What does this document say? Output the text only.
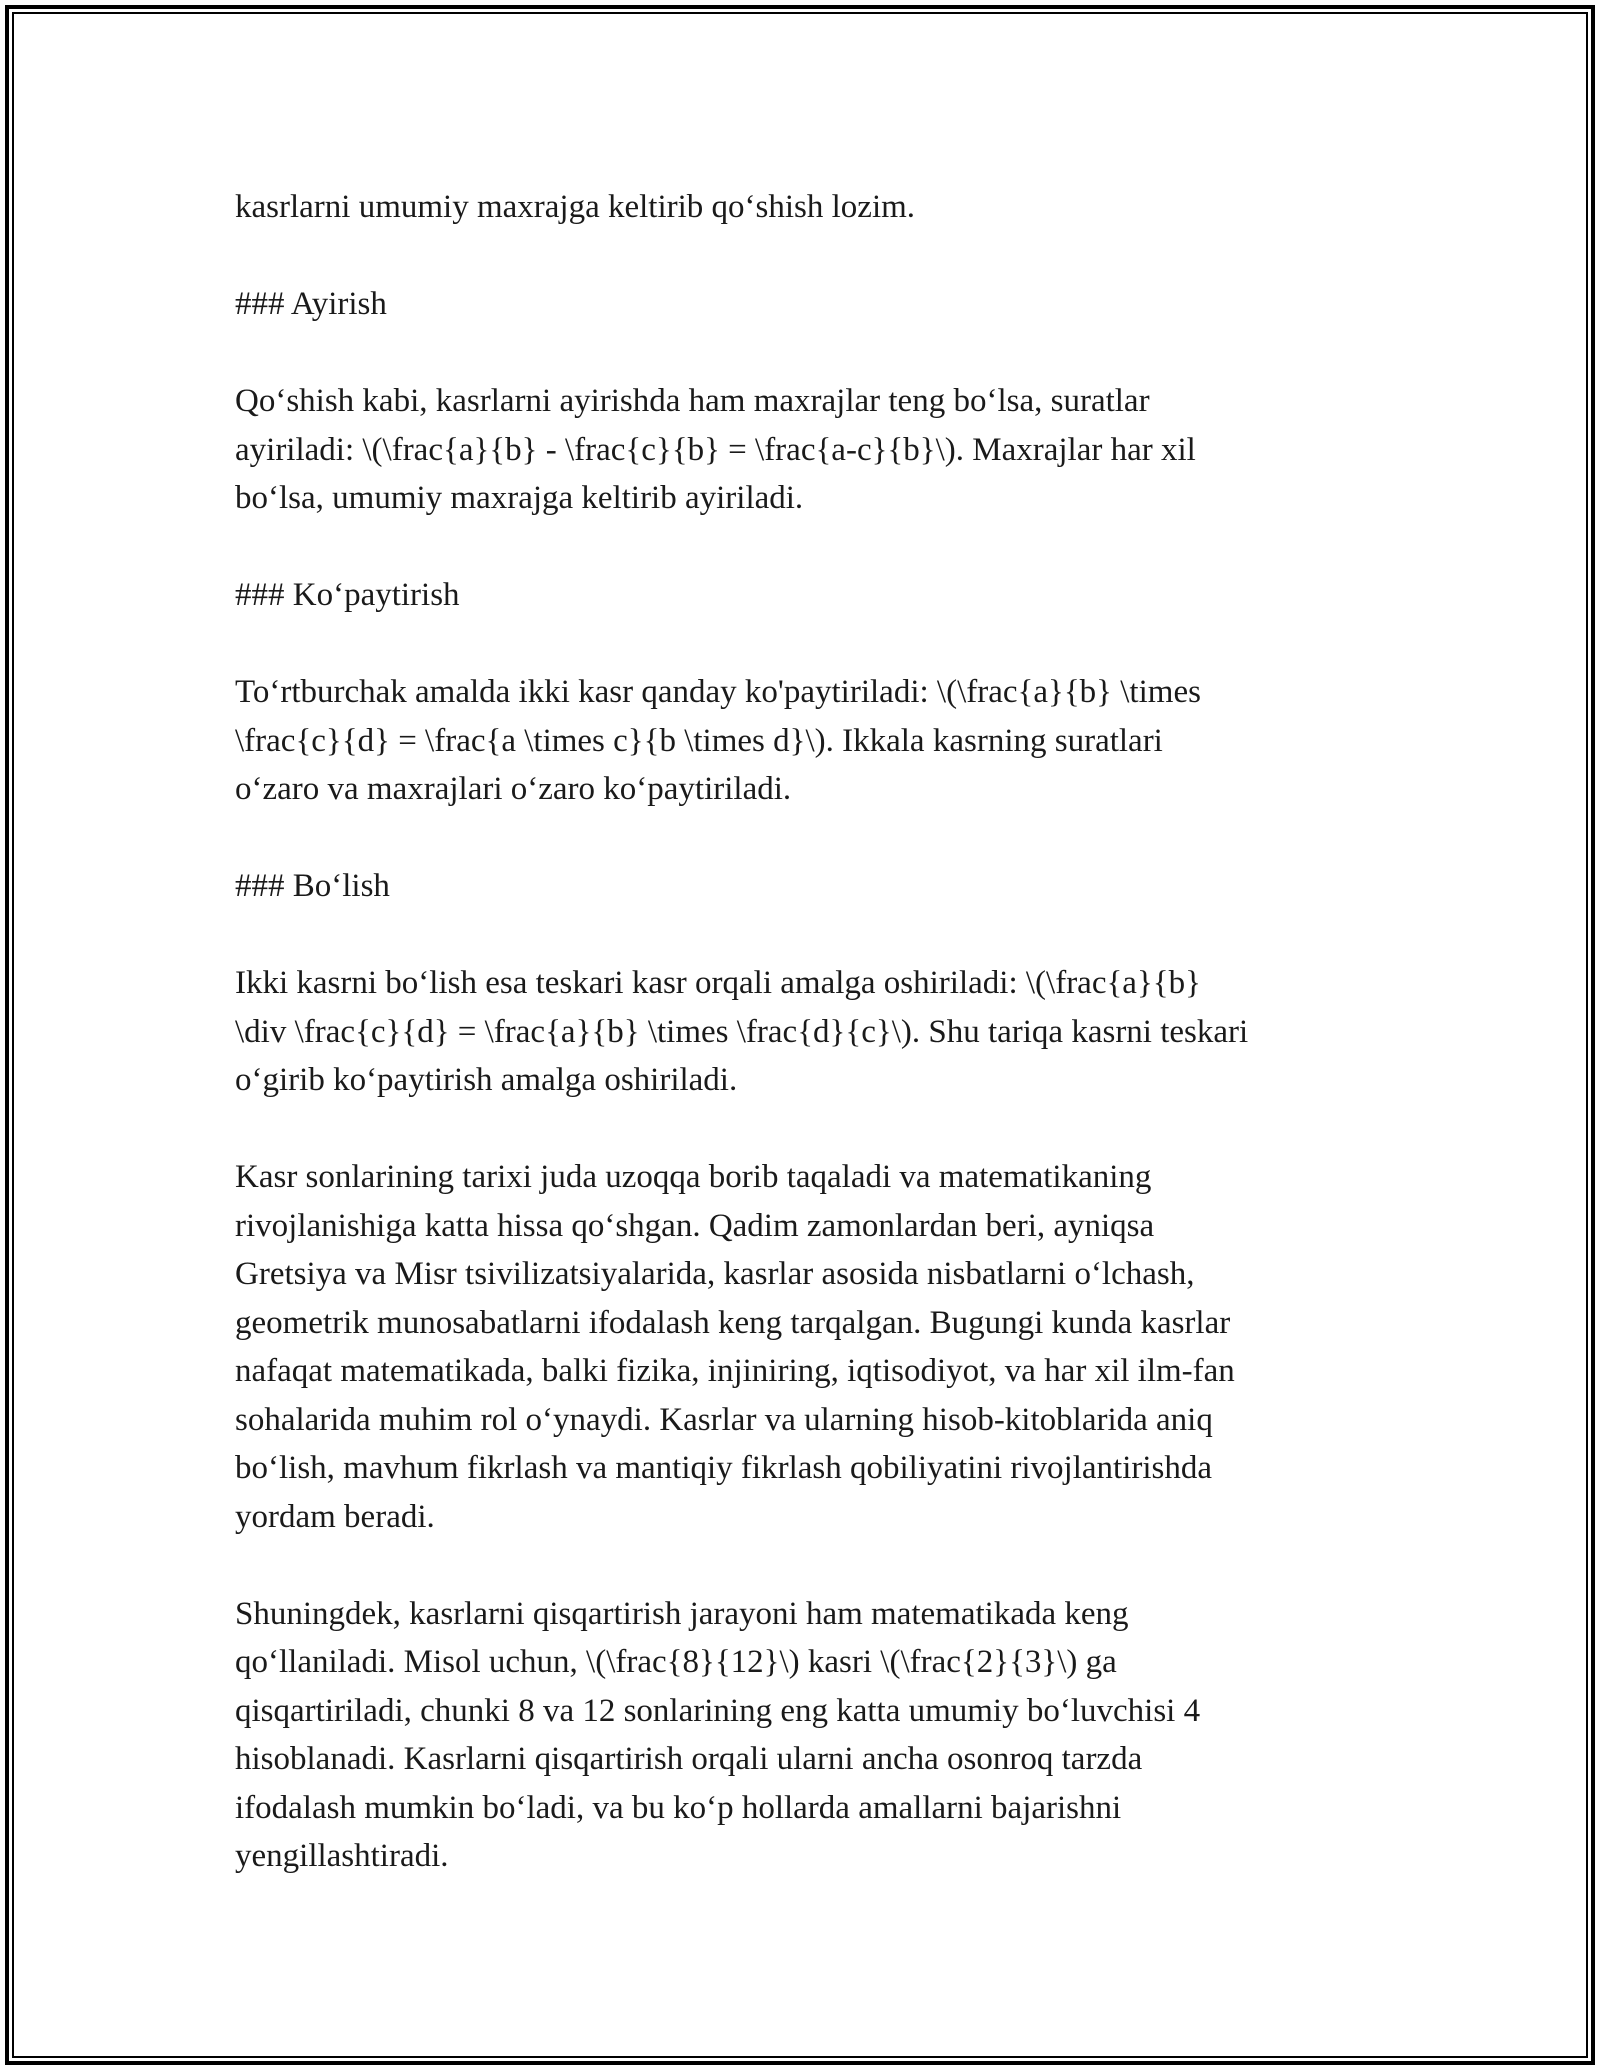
kasrlarni umumiy maxrajga keltirib qo‘shish lozim.

### Ayirish

Qo‘shish kabi, kasrlarni ayirishda ham maxrajlar teng bo‘lsa, suratlar
ayiriladi: \(\frac{a}{b} - \frac{c}{b} = \frac{a-c}{b}\). Maxrajlar har xil
bo‘lsa, umumiy maxrajga keltirib ayiriladi.

### Ko‘paytirish

To‘rtburchak amalda ikki kasr qanday ko'paytiriladi: \(\frac{a}{b} \times
\frac{c}{d} = \frac{a \times c}{b \times d}\). Ikkala kasrning suratlari
o‘zaro va maxrajlari o‘zaro ko‘paytiriladi.

### Bo‘lish

Ikki kasrni bo‘lish esa teskari kasr orqali amalga oshiriladi: \(\frac{a}{b}
\div \frac{c}{d} = \frac{a}{b} \times \frac{d}{c}\). Shu tariqa kasrni teskari
o‘girib ko‘paytirish amalga oshiriladi.

Kasr sonlarining tarixi juda uzoqqa borib taqaladi va matematikaning
rivojlanishiga katta hissa qo‘shgan. Qadim zamonlardan beri, ayniqsa
Gretsiya va Misr tsivilizatsiyalarida, kasrlar asosida nisbatlarni o‘lchash,
geometrik munosabatlarni ifodalash keng tarqalgan. Bugungi kunda kasrlar
nafaqat matematikada, balki fizika, injiniring, iqtisodiyot, va har xil ilm-fan
sohalarida muhim rol o‘ynaydi. Kasrlar va ularning hisob-kitoblarida aniq
bo‘lish, mavhum fikrlash va mantiqiy fikrlash qobiliyatini rivojlantirishda
yordam beradi.

Shuningdek, kasrlarni qisqartirish jarayoni ham matematikada keng
qo‘llaniladi. Misol uchun, \(\frac{8}{12}\) kasri \(\frac{2}{3}\) ga
qisqartiriladi, chunki 8 va 12 sonlarining eng katta umumiy bo‘luvchisi 4
hisoblanadi. Kasrlarni qisqartirish orqali ularni ancha osonroq tarzda
ifodalash mumkin bo‘ladi, va bu ko‘p hollarda amallarni bajarishni
yengillashtiradi.
